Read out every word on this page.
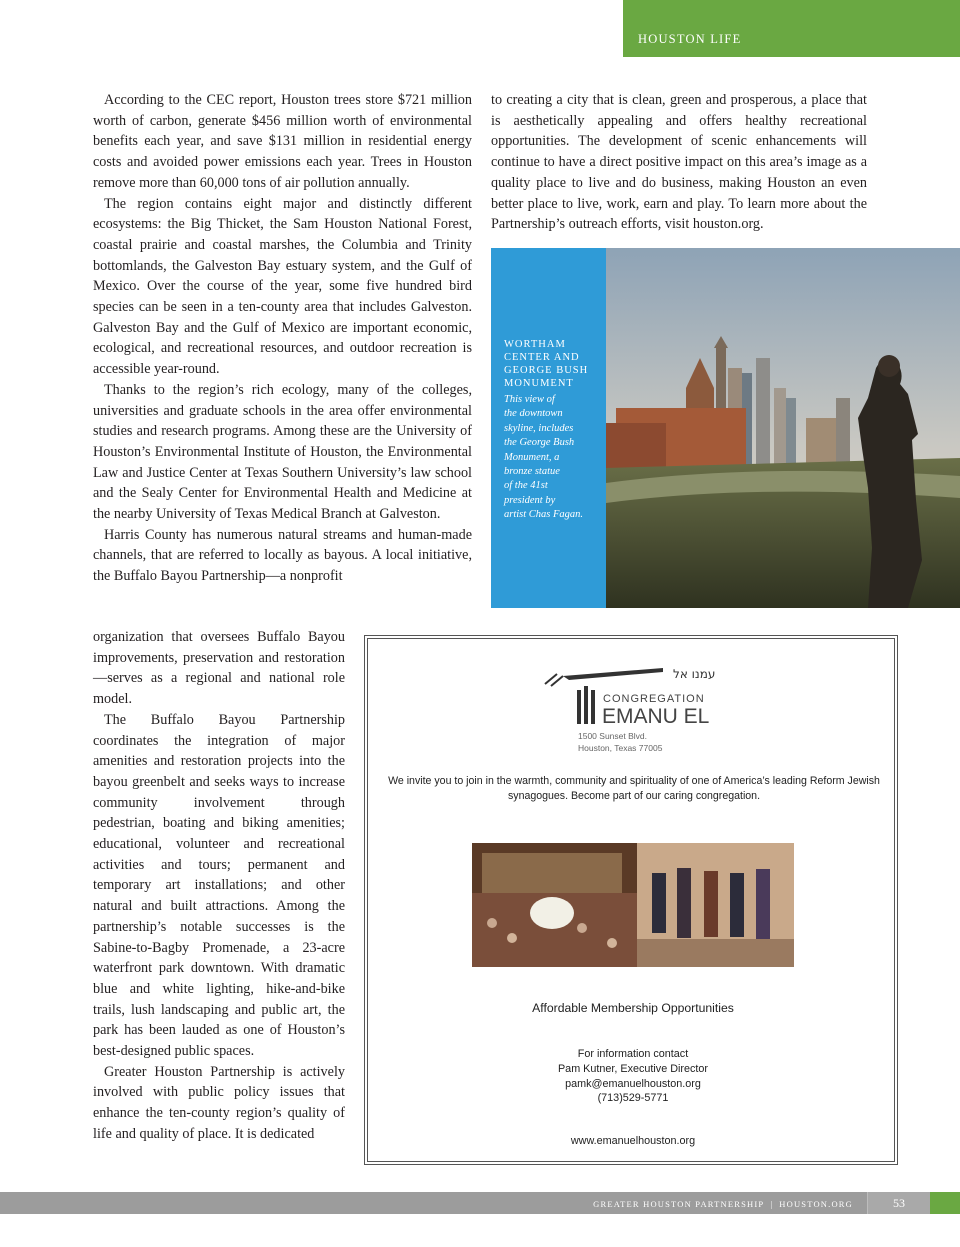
HOUSTON LIFE

According to the CEC report, Houston trees store $721 million worth of carbon, generate $456 million worth of environmental benefits each year, and save $131 million in residential energy costs and avoided power emissions each year. Trees in Houston remove more than 60,000 tons of air pollution annually.

The region contains eight major and distinctly different ecosystems: the Big Thicket, the Sam Houston National Forest, coastal prairie and coastal marshes, the Columbia and Trinity bottomlands, the Galveston Bay estuary system, and the Gulf of Mexico. Over the course of the year, some five hundred bird species can be seen in a ten-county area that includes Galveston. Galveston Bay and the Gulf of Mexico are important economic, ecological, and recreational resources, and outdoor recreation is accessible year-round.

Thanks to the region’s rich ecology, many of the colleges, universities and graduate schools in the area offer environmental studies and research programs. Among these are the University of Houston’s Environmental Institute of Houston, the Environmental Law and Justice Center at Texas Southern University’s law school and the Sealy Center for Environmental Health and Medicine at the nearby University of Texas Medical Branch at Galveston.

Harris County has numerous natural streams and human-made channels, that are referred to locally as bayous. A local initiative, the Buffalo Bayou Partnership—a nonprofit

organization that oversees Buffalo Bayou improvements, preservation and restoration—serves as a regional and national role model.

The Buffalo Bayou Partnership coordinates the integration of major amenities and restoration projects into the bayou greenbelt and seeks ways to increase community involvement through pedestrian, boating and biking amenities; educational, volunteer and recreational activities and tours; permanent and temporary art installations; and other natural and built attractions. Among the partnership’s notable successes is the Sabine-to-Bagby Promenade, a 23-acre waterfront park downtown. With dramatic blue and white lighting, hike-and-bike trails, lush landscaping and public art, the park has been lauded as one of Houston’s best-designed public spaces.

Greater Houston Partnership is actively involved with public policy issues that enhance the ten-county region’s quality of life and quality of place. It is dedicated

to creating a city that is clean, green and prosperous, a place that is aesthetically appealing and offers healthy recreational opportunities. The development of scenic enhancements will continue to have a direct positive impact on this area’s image as a quality place to live and do business, making Houston an even better place to live, work, earn and play. To learn more about the Partnership’s outreach efforts, visit houston.org.

WORTHAM
CENTER AND
GEORGE BUSH
MONUMENT
This view of
the downtown
skyline, includes
the George Bush
Monument, a
bronze statue
of the 41st
president by
artist Chas Fagan.
עמנו אל
CONGREGATION
EMANU EL
1500 Sunset Blvd.
Houston, Texas 77005
We invite you to join in the warmth, community and spirituality of one of America’s leading Reform Jewish synagogues. Become part of our caring congregation.
Affordable Membership Opportunities
For information contact
Pam Kutner, Executive Director
pamk@emanuelhouston.org
(713)529-5771
www.emanuelhouston.org
GREATER HOUSTON PARTNERSHIP | HOUSTON.ORG	53
